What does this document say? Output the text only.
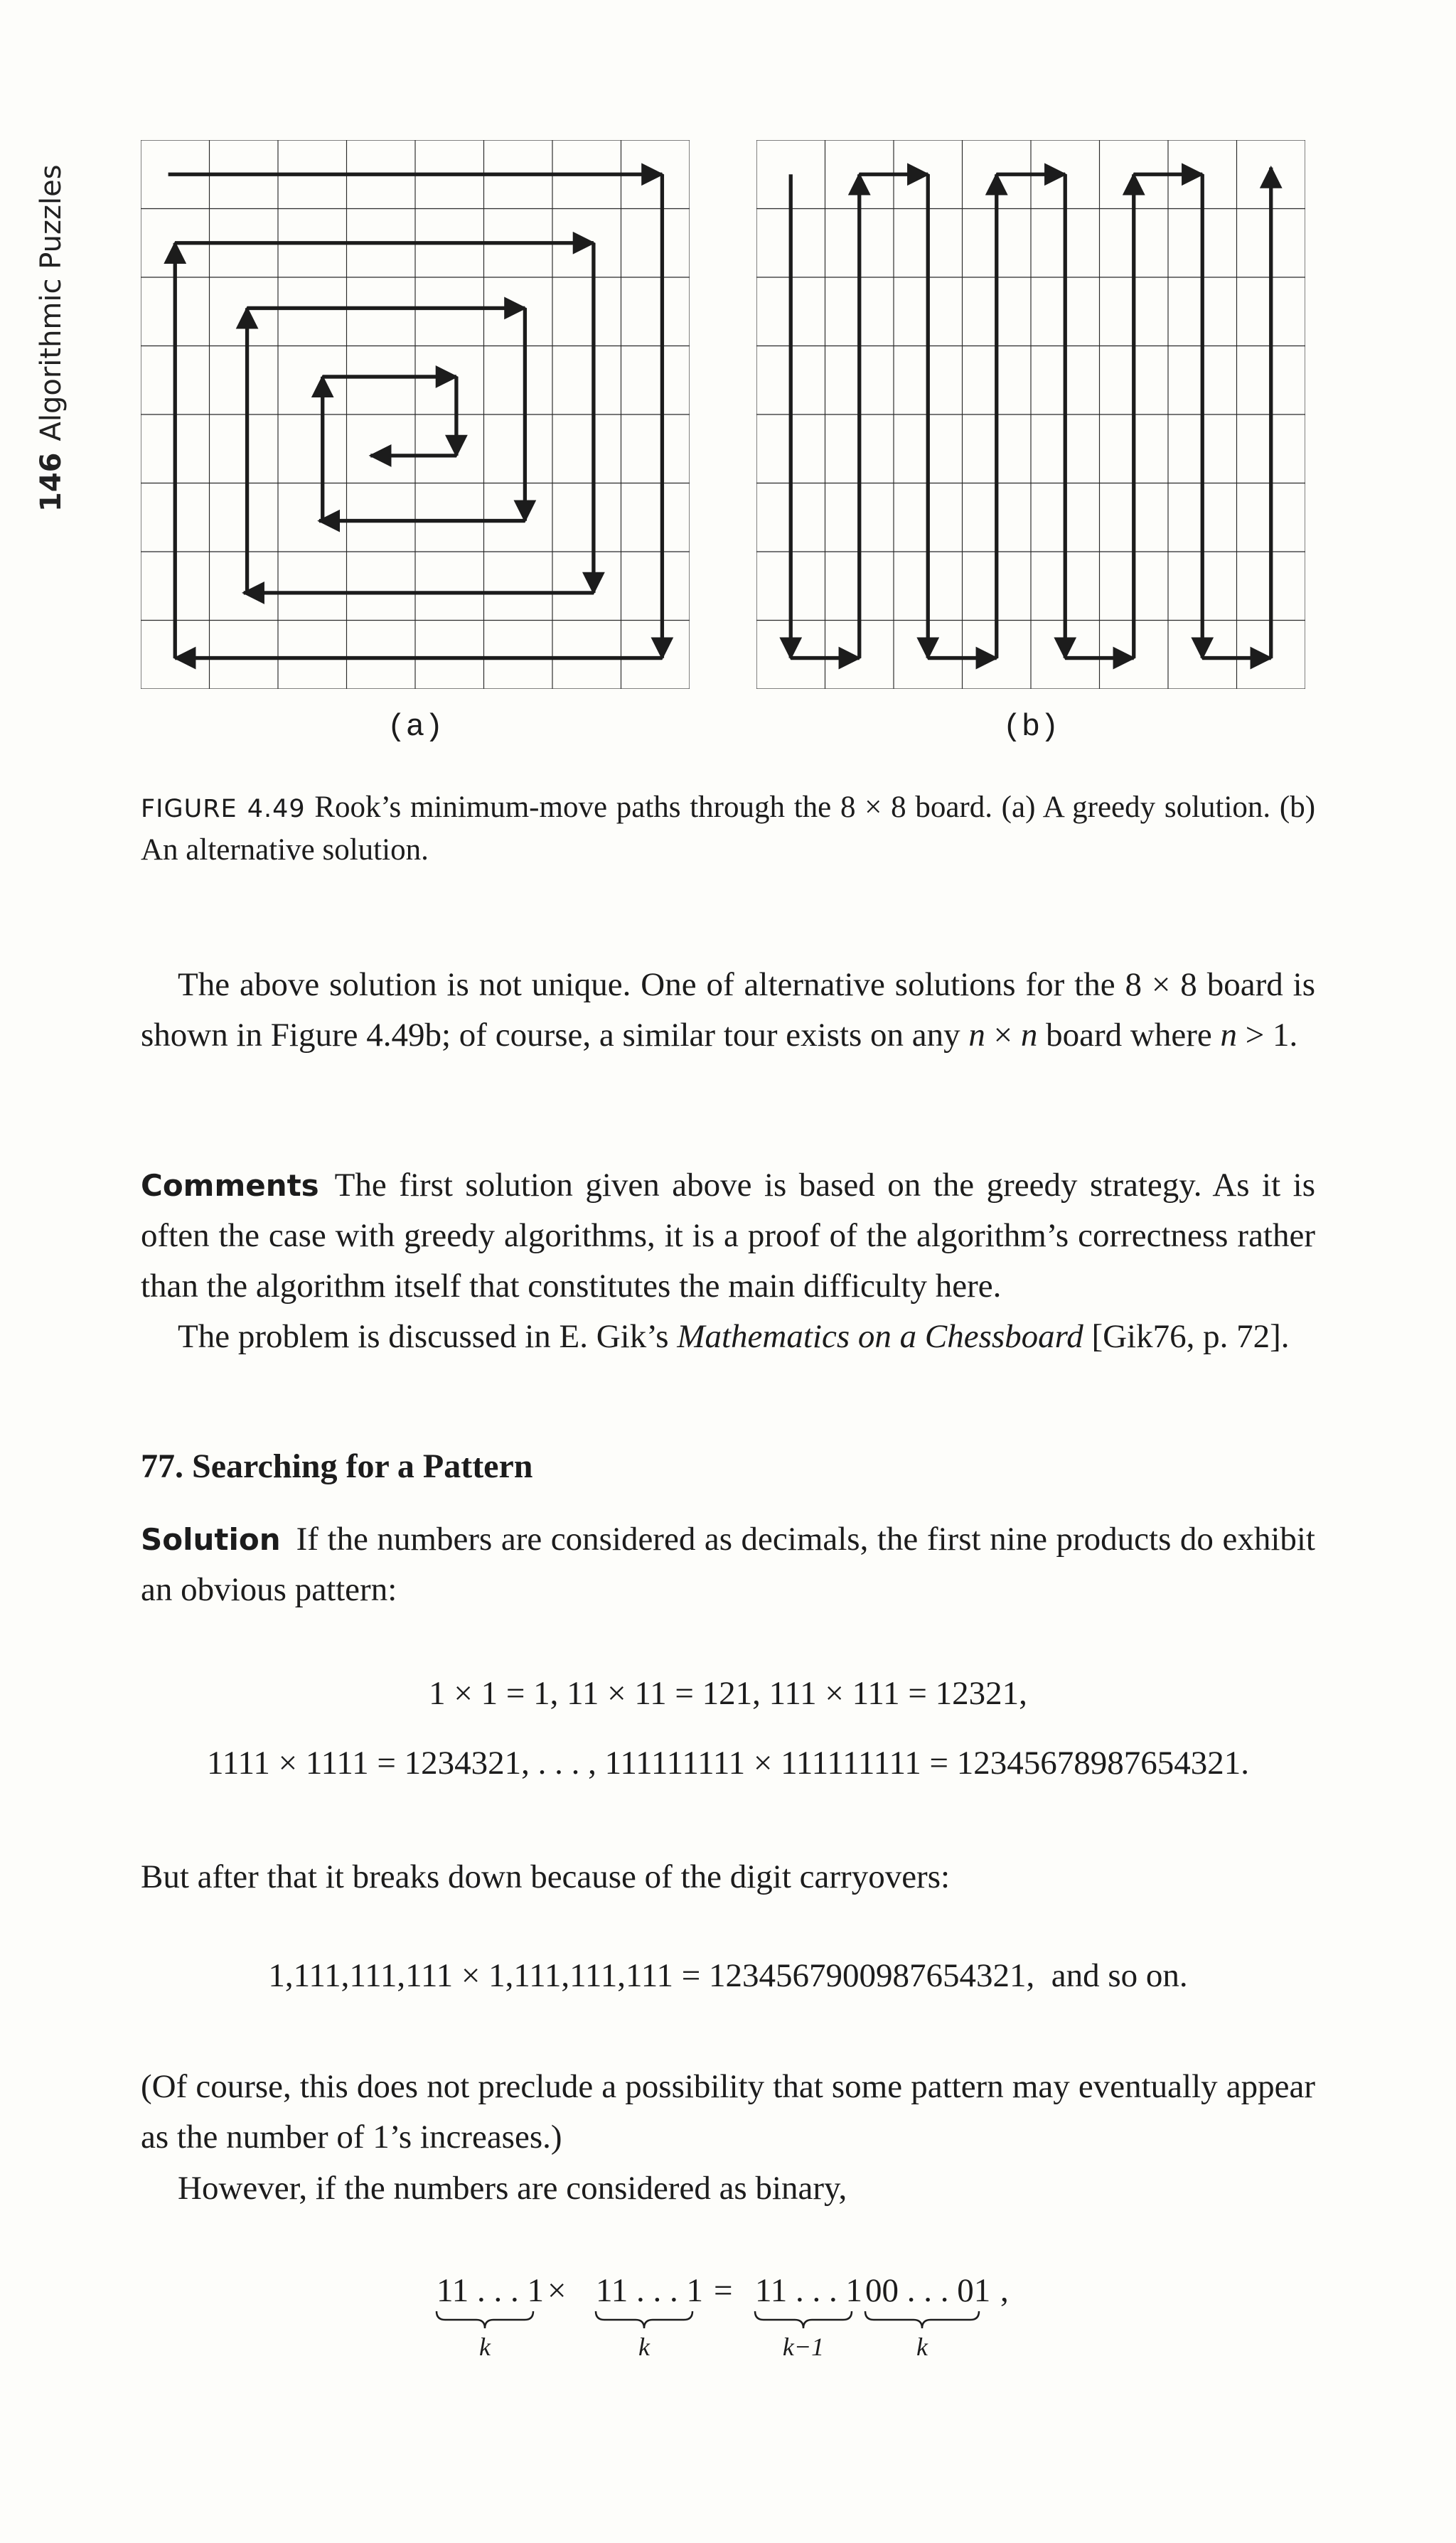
146
Algorithmic Puzzles
(a)	(b)
FIGURE 4.49 Rook’s minimum-move paths through the 8 × 8 board. (a) A greedy solution. (b) An alternative solution.
The above solution is not unique. One of alternative solutions for the 8 × 8 board is shown in Figure 4.49b; of course, a similar tour exists on any n × n board where n > 1.
Comments The first solution given above is based on the greedy strategy. As it is often the case with greedy algorithms, it is a proof of the algorithm’s correctness rather than the algorithm itself that constitutes the main difficulty here.
The problem is discussed in E. Gik’s Mathematics on a Chessboard [Gik76, p. 72].
77. Searching for a Pattern
Solution If the numbers are considered as decimals, the first nine products do exhibit an obvious pattern:
1 × 1 = 1, 11 × 11 = 121, 111 × 111 = 12321,
1111 × 1111 = 1234321, . . . , 111111111 × 111111111 = 12345678987654321.
But after that it breaks down because of the digit carryovers:
1,111,111,111 × 1,111,111,111 = 1234567900987654321, and so on.
(Of course, this does not preclude a possibility that some pattern may eventually appear as the number of 1’s increases.)
However, if the numbers are considered as binary,
11 . . . 1 × 11 . . . 1 = 11 . . . 1 00 . . . 01 ,
k	k	k−1	k
